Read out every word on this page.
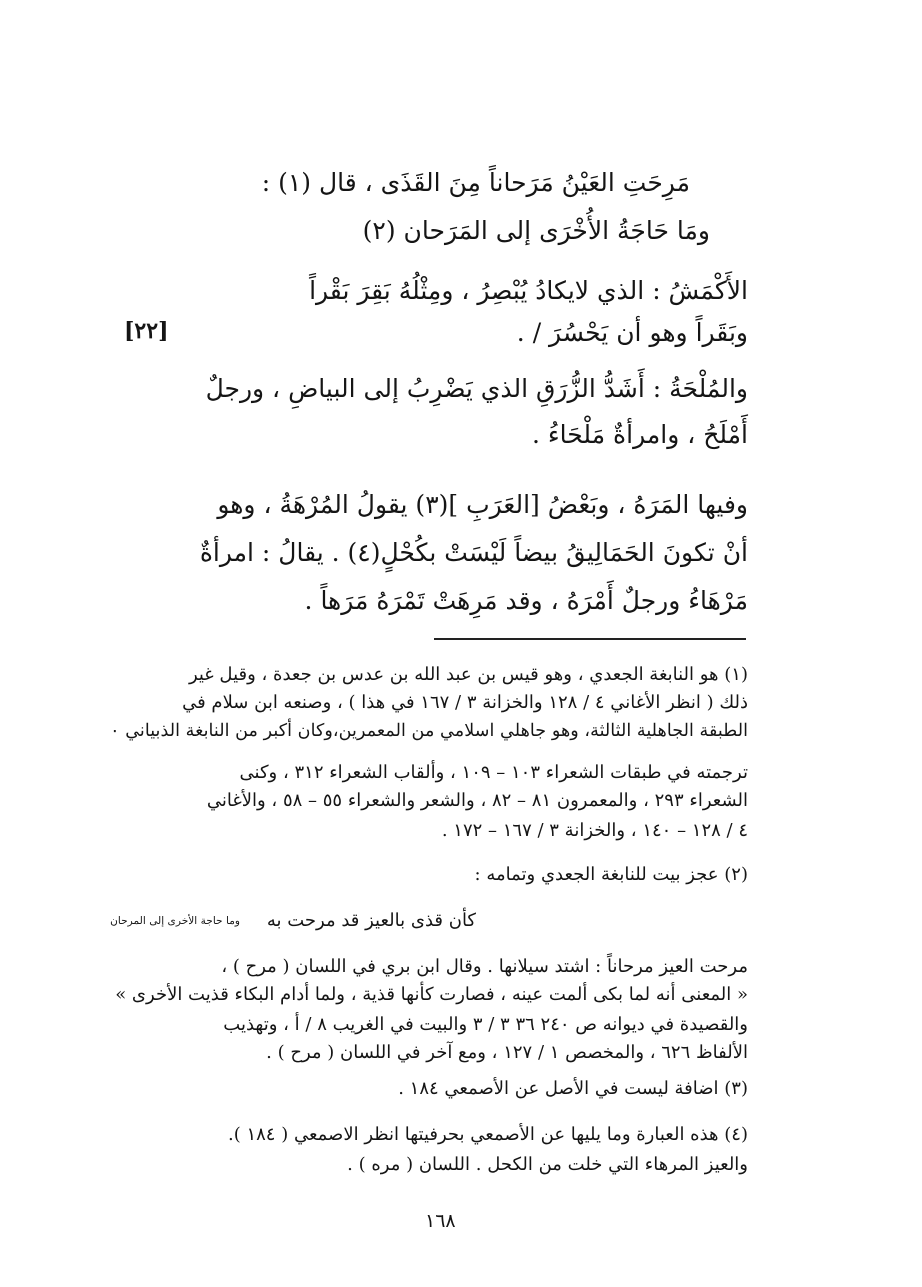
مَرِحَتِ العَيْنُ مَرَحاناً مِنَ القَذَى ، قال (١) :
ومَا حَاجَةُ الأُخْرَى إلى المَرَحان (٢)
الأَكْمَشُ : الذي لايكادُ يُبْصِرُ ، ومِثْلُهُ بَقِرَ بَقْراً
[٢٢]	وبَقَراً وهو أن يَحْسُرَ / .
والمُلْحَةُ : أَشَدُّ الزُّرَقِ الذي يَضْرِبُ إلى البياضِ ، ورجلٌ
أَمْلَحُ ، وامرأةٌ مَلْحَاءُ .
وفيها المَرَهُ ، وبَعْضُ [العَرَبِ ](٣) يقولُ المُرْهَةُ ، وهو
أنْ تكونَ الحَمَالِيقُ بيضاً لَيْسَتْ بكُحْلٍ(٤) . يقالُ : امرأةٌ
مَرْهَاءُ ورجلٌ أَمْرَهُ ، وقد مَرِهَتْ تَمْرَهُ مَرَهاً .
(١) هو النابغة الجعدي ، وهو قيس بن عبد الله بن عدس بن جعدة ، وقيل غير
ذلك ( انظر الأغاني ٤ / ١٢٨ والخزانة ٣ / ١٦٧ في هذا ) ، وصنعه ابن سلام في
الطبقة الجاهلية الثالثة، وهو جاهلي اسلامي من المعمرين،وكان أكبر من النابغة الذبياني ٠
ترجمته في طبقات الشعراء ١٠٣ – ١٠٩ ، وألقاب الشعراء ٣١٢ ، وكنى
الشعراء ٢٩٣ ، والمعمرون ٨١ – ٨٢ ، والشعر والشعراء ٥٥ – ٥٨ ، والأغاني
٤ / ١٢٨ – ١٤٠ ، والخزانة ٣ / ١٦٧ – ١٧٢ .
(٢) عجز بيت للنابغة الجعدي وتمامه :
كأن قذى بالعيز قد مرحت به
وما حاجة الأخرى إلى المرحان
مرحت العيز مرحاناً : اشتد سيلانها . وقال ابن بري في اللسان ( مرح ) ،
« المعنى أنه لما بكى ألمت عينه ، فصارت كأنها قذية ، ولما أدام البكاء قذيت الأخرى »
والقصيدة في ديوانه ص ٢٤٠ ٣٦ ٣ / ٣ والبيت في الغريب ٨ / أ ، وتهذيب
الألفاظ ٦٢٦ ، والمخصص ١ / ١٢٧ ، ومع آخر في اللسان ( مرح ) .
(٣) اضافة ليست في الأصل عن الأصمعي ١٨٤ .
(٤) هذه العبارة وما يليها عن الأصمعي بحرفيتها انظر الاصمعي ( ١٨٤ ).
والعيز المرهاء التي خلت من الكحل . اللسان ( مره ) .
١٦٨
